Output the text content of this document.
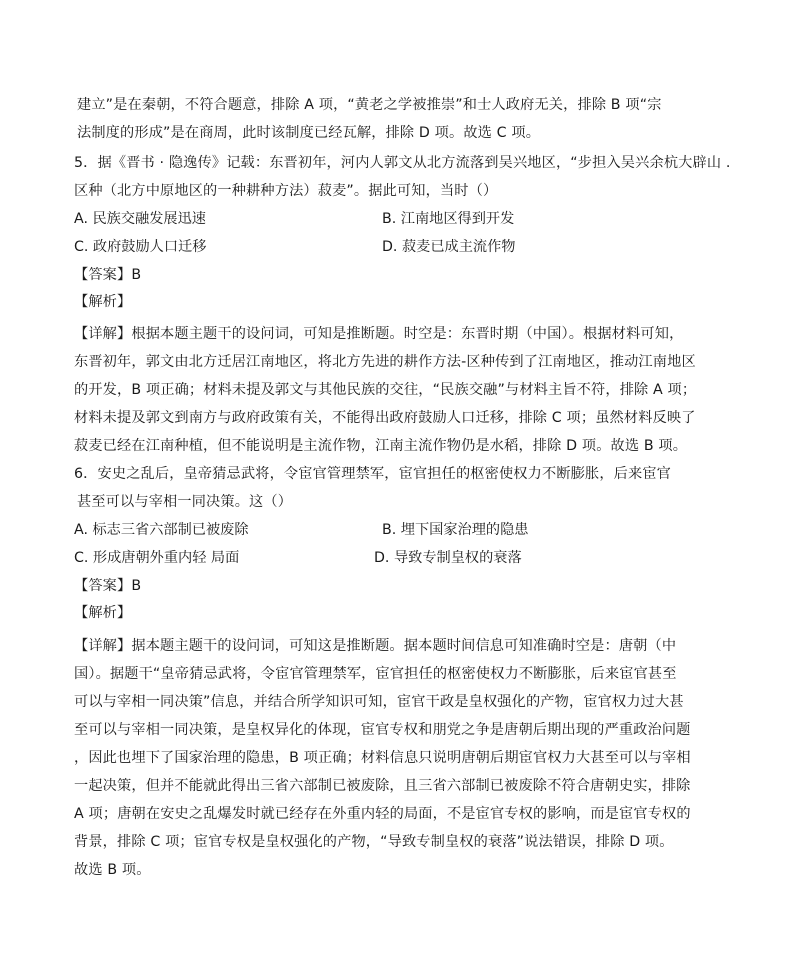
建立”是在秦朝，不符合题意，排除 A 项，“黄老之学被推崇”和士人政府无关，排除 B 项“宗
法制度的形成”是在商周，此时该制度已经瓦解，排除 D 项。故选 C 项。
5．据《晋书 · 隐逸传》记载：东晋初年，河内人郭文从北方流落到吴兴地区，“步担入吴兴余杭大辟山 .
区种（北方中原地区的一种耕种方法）菽麦”。据此可知，当时（）
A. 民族交融发展迅速	B. 江南地区得到开发
C. 政府鼓励人口迁移	D. 菽麦已成主流作物
【答案】B
【解析】
【详解】根据本题主题干的设问词，可知是推断题。时空是：东晋时期（中国）。根据材料可知，
东晋初年，郭文由北方迁居江南地区，将北方先进的耕作方法-区种传到了江南地区，推动江南地区
的开发，B 项正确；材料未提及郭文与其他民族的交往，“民族交融”与材料主旨不符，排除 A 项；
材料未提及郭文到南方与政府政策有关，不能得出政府鼓励人口迁移，排除 C 项；虽然材料反映了
菽麦已经在江南种植，但不能说明是主流作物，江南主流作物仍是水稻，排除 D 项。故选 B 项。
6．安史之乱后，皇帝猜忌武将，令宦官管理禁军，宦官担任的枢密使权力不断膨胀，后来宦官
甚至可以与宰相一同决策。这（）
A. 标志三省六部制已被废除	B. 埋下国家治理的隐患
C. 形成唐朝外重内轻 局面	D. 导致专制皇权的衰落
【答案】B
【解析】
【详解】据本题主题干的设问词，可知这是推断题。据本题时间信息可知准确时空是：唐朝（中
国）。据题干“皇帝猜忌武将，令宦官管理禁军，宦官担任的枢密使权力不断膨胀，后来宦官甚至
可以与宰相一同决策”信息，并结合所学知识可知，宦官干政是皇权强化的产物，宦官权力过大甚
至可以与宰相一同决策，是皇权异化的体现，宦官专权和朋党之争是唐朝后期出现的严重政治问题
，因此也埋下了国家治理的隐患，B 项正确；材料信息只说明唐朝后期宦官权力大甚至可以与宰相
一起决策，但并不能就此得出三省六部制已被废除，且三省六部制已被废除不符合唐朝史实，排除
A 项；唐朝在安史之乱爆发时就已经存在外重内轻的局面，不是宦官专权的影响，而是宦官专权的
背景，排除 C 项；宦官专权是皇权强化的产物，“导致专制皇权的衰落”说法错误，排除 D 项。
故选 B 项。
